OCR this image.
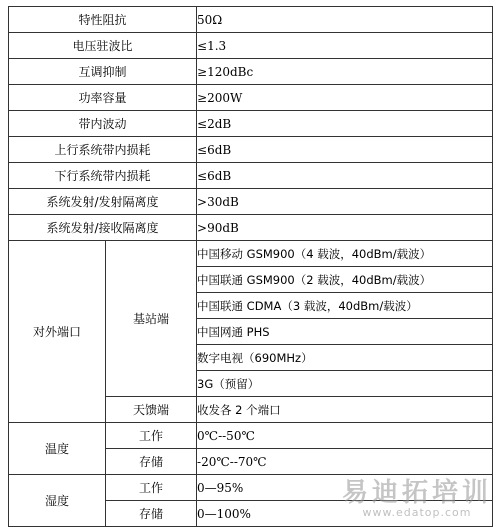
特性阻抗		50Ω
电压驻波比		≤1.3
互调抑制		≥120dBc
功率容量		≥200W
带内波动		≤2dB
上行系统带内损耗		≤6dB
下行系统带内损耗		≤6dB
系统发射/发射隔离度		>30dB
系统发射/接收隔离度		>90dB
对外端口	基站端	中国移动 GSM900（4 载波，40dBm/载波）
		中国联通 GSM900（2 载波，40dBm/载波）
		中国联通 CDMA（3 载波，40dBm/载波）
		中国网通 PHS
		数字电视（690MHz）
		3G（预留）
	天馈端	收发各 2 个端口
温度	工作	0℃--50℃
	存储	-20℃--70℃
湿度	工作	0—95%
	存储	0—100%
易迪拓培训
www.edatop.com
